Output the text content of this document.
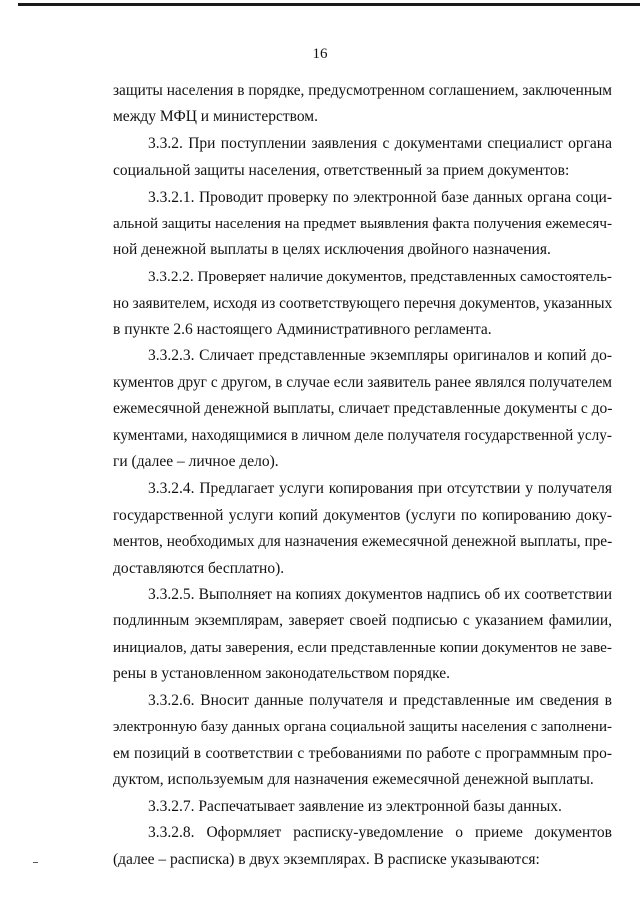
16
защиты населения в порядке, предусмотренном соглашением, заключенным
между МФЦ и министерством.
3.3.2. При поступлении заявления с документами специалист органа
социальной защиты населения, ответственный за прием документов:
3.3.2.1. Проводит проверку по электронной базе данных органа соци-
альной защиты населения на предмет выявления факта получения ежемесяч-
ной денежной выплаты в целях исключения двойного назначения.
3.3.2.2. Проверяет наличие документов, представленных самостоятель-
но заявителем, исходя из соответствующего перечня документов, указанных
в пункте 2.6 настоящего Административного регламента.
3.3.2.3. Сличает представленные экземпляры оригиналов и копий до-
кументов друг с другом, в случае если заявитель ранее являлся получателем
ежемесячной денежной выплаты, сличает представленные документы с до-
кументами, находящимися в личном деле получателя государственной услу-
ги (далее – личное дело).
3.3.2.4. Предлагает услуги копирования при отсутствии у получателя
государственной услуги копий документов (услуги по копированию доку-
ментов, необходимых для назначения ежемесячной денежной выплаты, пре-
доставляются бесплатно).
3.3.2.5. Выполняет на копиях документов надпись об их соответствии
подлинным экземплярам, заверяет своей подписью с указанием фамилии,
инициалов, даты заверения, если представленные копии документов не заве-
рены в установленном законодательством порядке.
3.3.2.6. Вносит данные получателя и представленные им сведения в
электронную базу данных органа социальной защиты населения с заполнени-
ем позиций в соответствии с требованиями по работе с программным про-
дуктом, используемым для назначения ежемесячной денежной выплаты.
3.3.2.7. Распечатывает заявление из электронной базы данных.
3.3.2.8. Оформляет расписку-уведомление о приеме документов
(далее – расписка) в двух экземплярах. В расписке указываются:
